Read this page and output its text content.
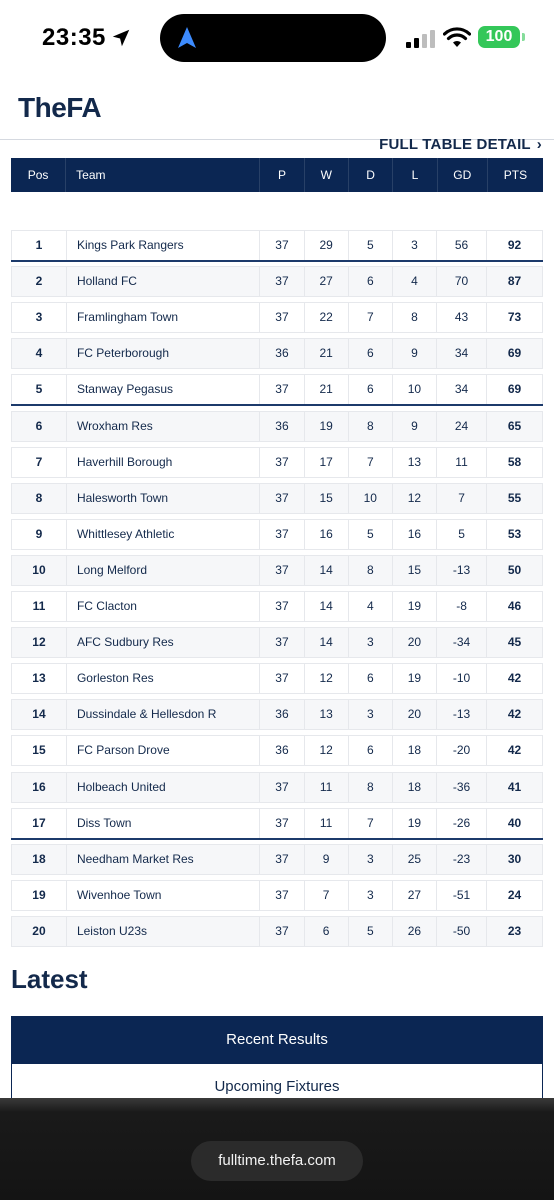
23:35	100
TheFA
FULL TABLE DETAIL ›
Pos	Team	P	W	D	L	GD	PTS
1	Kings Park Rangers	37	29	5	3	56	92
2	Holland FC	37	27	6	4	70	87
3	Framlingham Town	37	22	7	8	43	73
4	FC Peterborough	36	21	6	9	34	69
5	Stanway Pegasus	37	21	6	10	34	69
6	Wroxham Res	36	19	8	9	24	65
7	Haverhill Borough	37	17	7	13	11	58
8	Halesworth Town	37	15	10	12	7	55
9	Whittlesey Athletic	37	16	5	16	5	53
10	Long Melford	37	14	8	15	-13	50
11	FC Clacton	37	14	4	19	-8	46
12	AFC Sudbury Res	37	14	3	20	-34	45
13	Gorleston Res	37	12	6	19	-10	42
14	Dussindale & Hellesdon R	36	13	3	20	-13	42
15	FC Parson Drove	36	12	6	18	-20	42
16	Holbeach United	37	11	8	18	-36	41
17	Diss Town	37	11	7	19	-26	40
18	Needham Market Res	37	9	3	25	-23	30
19	Wivenhoe Town	37	7	3	27	-51	24
20	Leiston U23s	37	6	5	26	-50	23
Latest
Recent Results
Upcoming Fixtures
fulltime.thefa.com
